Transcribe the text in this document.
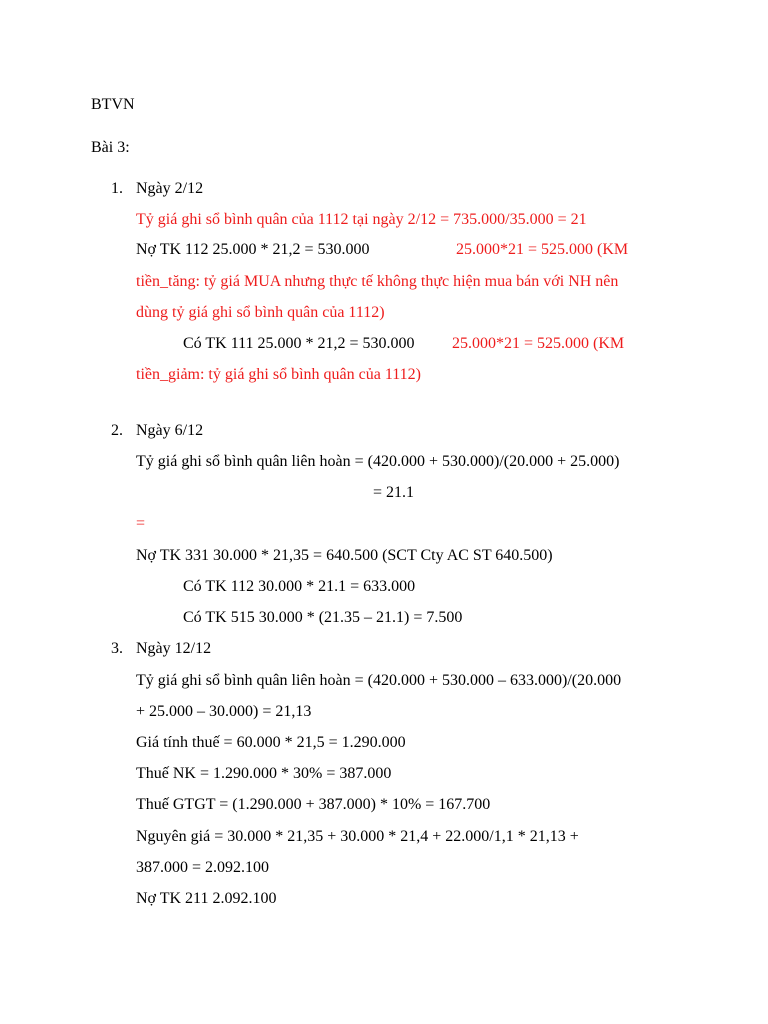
BTVN
Bài 3:
1. Ngày 2/12
Tỷ giá ghi sổ bình quân của 1112 tại ngày 2/12 = 735.000/35.000 = 21
Nợ TK 112 25.000 * 21,2 = 530.000	25.000*21 = 525.000 (KM
tiền_tăng: tỷ giá MUA nhưng thực tế không thực hiện mua bán với NH nên
dùng tỷ giá ghi sổ bình quân của 1112)
Có TK 111 25.000 * 21,2 = 530.000 25.000*21 = 525.000 (KM
tiền_giảm: tỷ giá ghi sổ bình quân của 1112)
2. Ngày 6/12
Tỷ giá ghi sổ bình quân liên hoàn = (420.000 + 530.000)/(20.000 + 25.000)
= 21.1
=
Nợ TK 331 30.000 * 21,35 = 640.500 (SCT Cty AC ST 640.500)
Có TK 112 30.000 * 21.1 = 633.000
Có TK 515 30.000 * (21.35 – 21.1) = 7.500
3. Ngày 12/12
Tỷ giá ghi sổ bình quân liên hoàn = (420.000 + 530.000 – 633.000)/(20.000
+ 25.000 – 30.000) = 21,13
Giá tính thuế = 60.000 * 21,5 = 1.290.000
Thuế NK = 1.290.000 * 30% = 387.000
Thuế GTGT = (1.290.000 + 387.000) * 10% = 167.700
Nguyên giá = 30.000 * 21,35 + 30.000 * 21,4 + 22.000/1,1 * 21,13 +
387.000 = 2.092.100
Nợ TK 211 2.092.100
